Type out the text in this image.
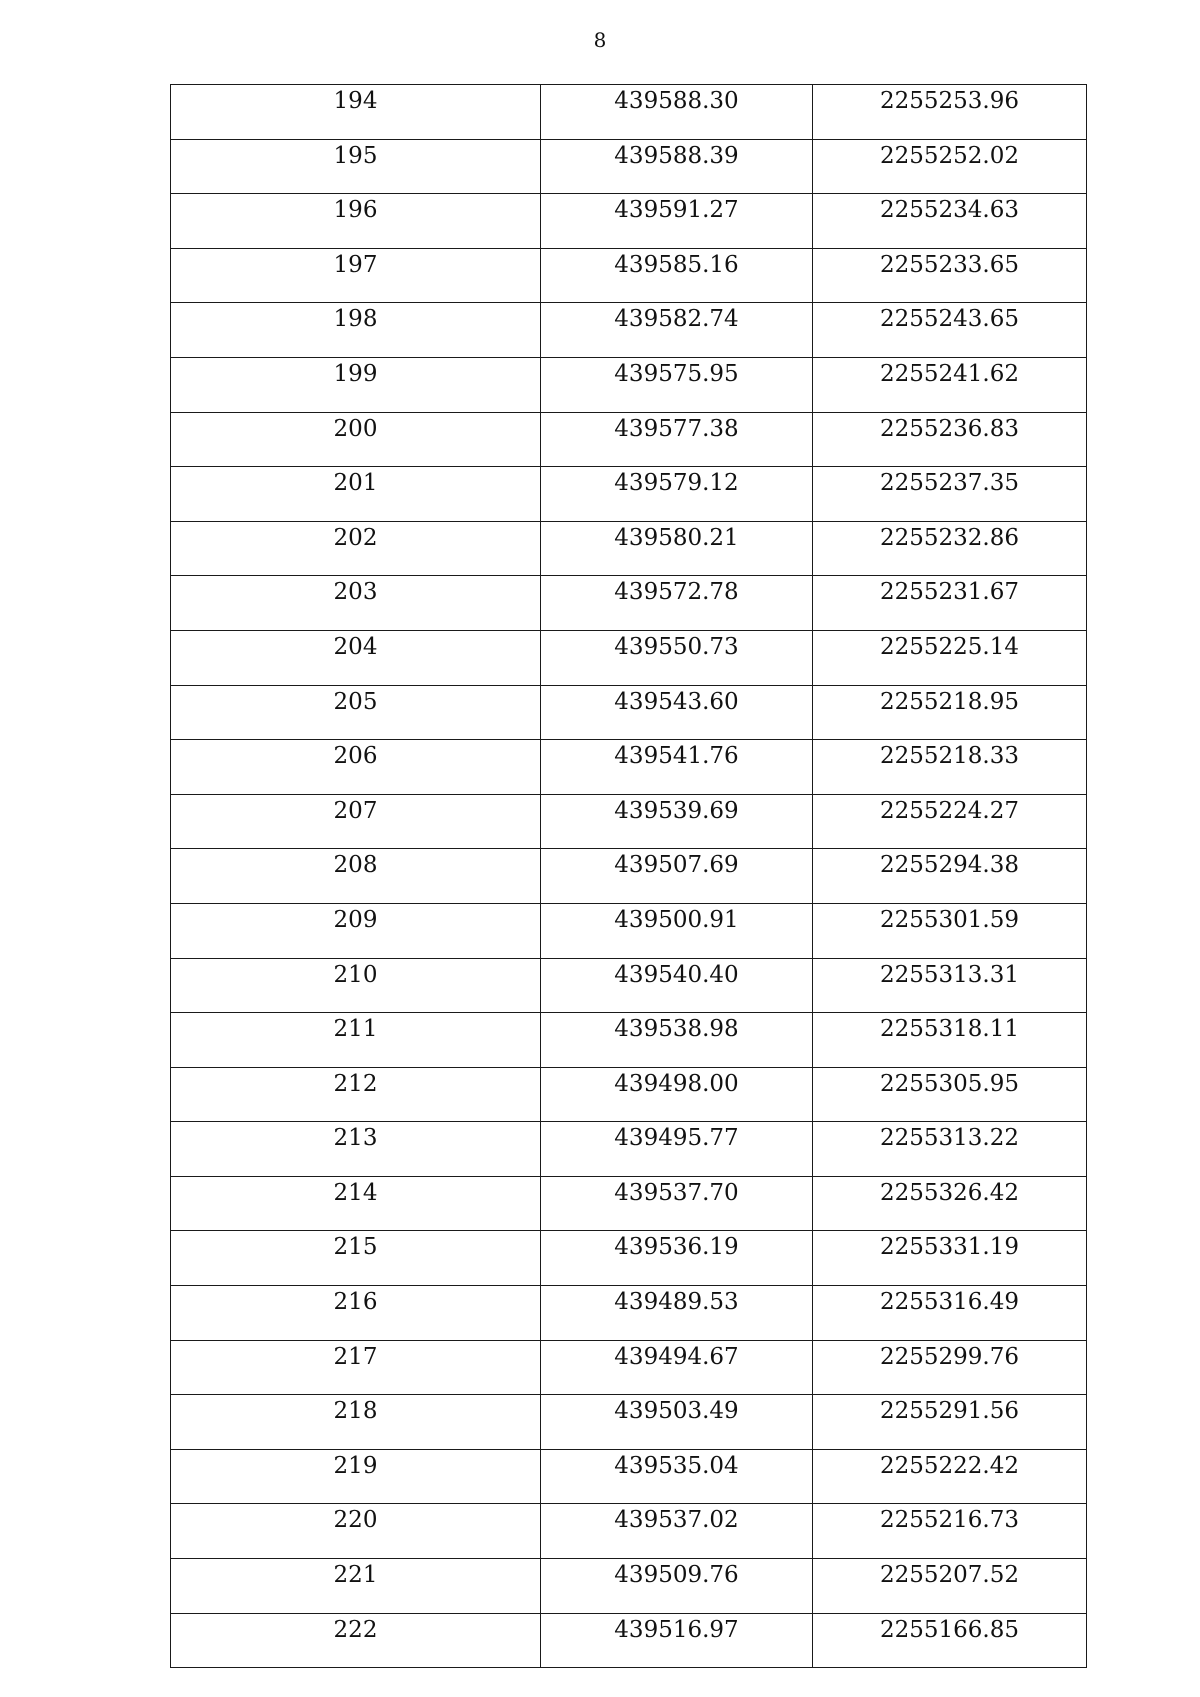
8
194	439588.30	2255253.96

195	439588.39	2255252.02

196	439591.27	2255234.63

197	439585.16	2255233.65

198	439582.74	2255243.65

199	439575.95	2255241.62

200	439577.38	2255236.83

201	439579.12	2255237.35

202	439580.21	2255232.86

203	439572.78	2255231.67

204	439550.73	2255225.14

205	439543.60	2255218.95

206	439541.76	2255218.33

207	439539.69	2255224.27

208	439507.69	2255294.38

209	439500.91	2255301.59

210	439540.40	2255313.31

211	439538.98	2255318.11

212	439498.00	2255305.95

213	439495.77	2255313.22

214	439537.70	2255326.42

215	439536.19	2255331.19

216	439489.53	2255316.49

217	439494.67	2255299.76

218	439503.49	2255291.56

219	439535.04	2255222.42

220	439537.02	2255216.73

221	439509.76	2255207.52

222	439516.97	2255166.85
